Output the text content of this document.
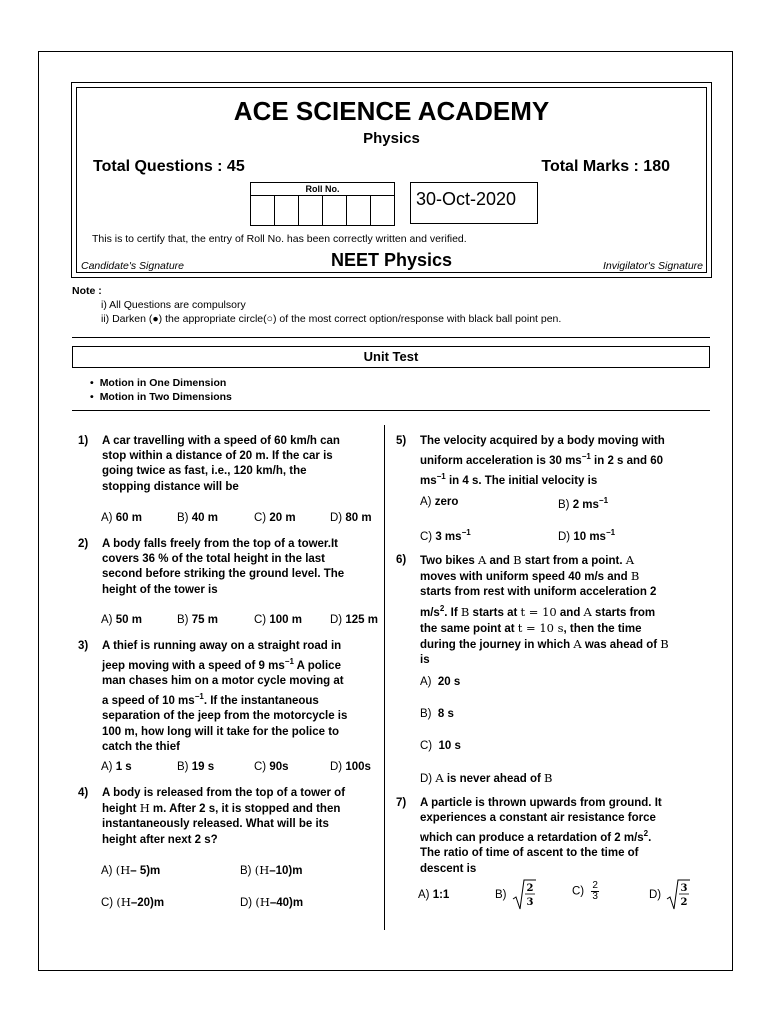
ACE SCIENCE ACADEMY
Physics
Total Questions : 45	Total Marks : 180
Roll No.	30-Oct-2020
This is to certify that, the entry of Roll No. has been correctly written and verified.
Candidate's Signature	NEET Physics	Invigilator's Signature
Note :
i) All Questions are compulsory
ii) Darken (●) the appropriate circle(○) of the most correct option/response with black ball point pen.
Unit Test
• Motion in One Dimension
• Motion in Two Dimensions
1) A car travelling with a speed of 60 km/h can
stop within a distance of 20 m. If the car is
going twice as fast, i.e., 120 km/h, the
stopping distance will be
A) 60 m	B) 40 m	C) 20 m	D) 80 m
2) A body falls freely from the top of a tower.It
covers 36 % of the total height in the last
second before striking the ground level. The
height of the tower is
A) 50 m	B) 75 m	C) 100 m D) 125 m
3) A thief is running away on a straight road in
jeep moving with a speed of 9 $ms^{-1}$ A police
man chases him on a motor cycle moving at
a speed of 10 $ms^{-1}$. If the instantaneous
separation of the jeep from the motorcycle is
100 m, how long will it take for the police to
catch the thief
A) 1 s	B) 19 s	C) 90s	D) 100s
4) A body is released from the top of a tower of
height H m. After 2 s, it is stopped and then
instantaneously released. What will be its
height after next 2 s?
A) (H– 5)m	B) (H–10)m
C) (H–20)m	D) (H–40)m
5) The velocity acquired by a body moving with
uniform acceleration is 30 $ms^{-1}$ in 2 s and 60
$ms^{-1}$ in 4 s. The initial velocity is
A) zero	B) 2 $ms^{-1}$
C) 3 $ms^{-1}$	D) 10 $ms^{-1}$
6) Two bikes A and B start from a point. A
moves with uniform speed 40 m/s and B
starts from rest with uniform acceleration 2
$m/s^2$. If B starts at t = 10 and A starts from
the same point at t = 10 s, then the time
during the journey in which A was ahead of B
is
A) 20 s
B) 8 s
C) 10 s
D) A is never ahead of B
7) A particle is thrown upwards from ground. It
experiences a constant air resistance force
which can produce a retardation of 2 $m/s^2$.
The ratio of time of ascent to the time of
descent is
A) 1:1	B)
2
3
$C) \frac{2}{3}$	D)
3
2
